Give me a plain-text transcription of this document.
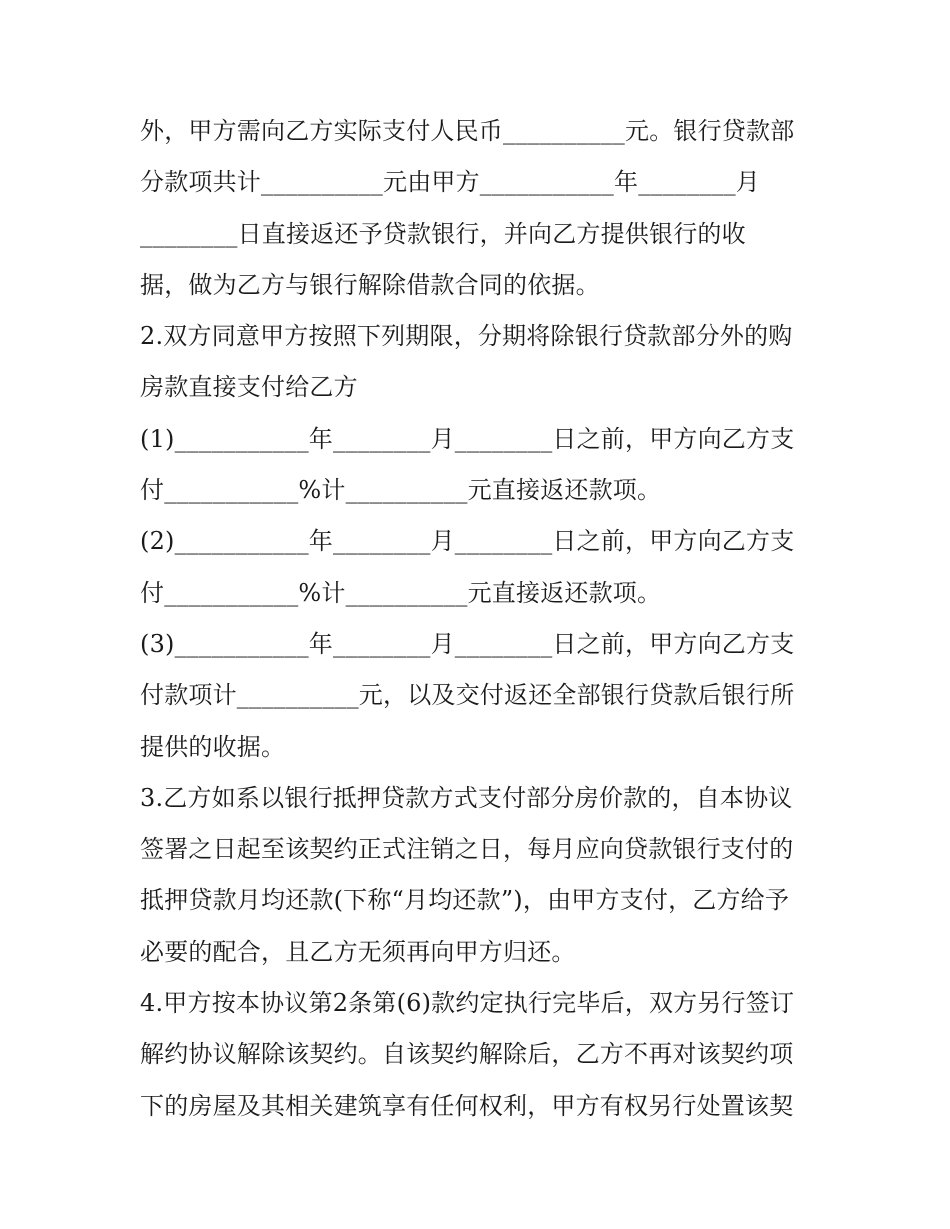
外，甲方需向乙方实际支付人民币__________元。银行贷款部
分款项共计__________元由甲方___________年________月
________日直接返还予贷款银行，并向乙方提供银行的收
据，做为乙方与银行解除借款合同的依据。
2.双方同意甲方按照下列期限，分期将除银行贷款部分外的购
房款直接支付给乙方
(1)___________年________月________日之前，甲方向乙方支
付___________%计__________元直接返还款项。
(2)___________年________月________日之前，甲方向乙方支
付___________%计__________元直接返还款项。
(3)___________年________月________日之前，甲方向乙方支
付款项计__________元，以及交付返还全部银行贷款后银行所
提供的收据。
3.乙方如系以银行抵押贷款方式支付部分房价款的，自本协议
签署之日起至该契约正式注销之日，每月应向贷款银行支付的
抵押贷款月均还款(下称“月均还款”)，由甲方支付，乙方给予
必要的配合，且乙方无须再向甲方归还。
4.甲方按本协议第2条第(6)款约定执行完毕后，双方另行签订
解约协议解除该契约。自该契约解除后，乙方不再对该契约项
下的房屋及其相关建筑享有任何权利，甲方有权另行处置该契
